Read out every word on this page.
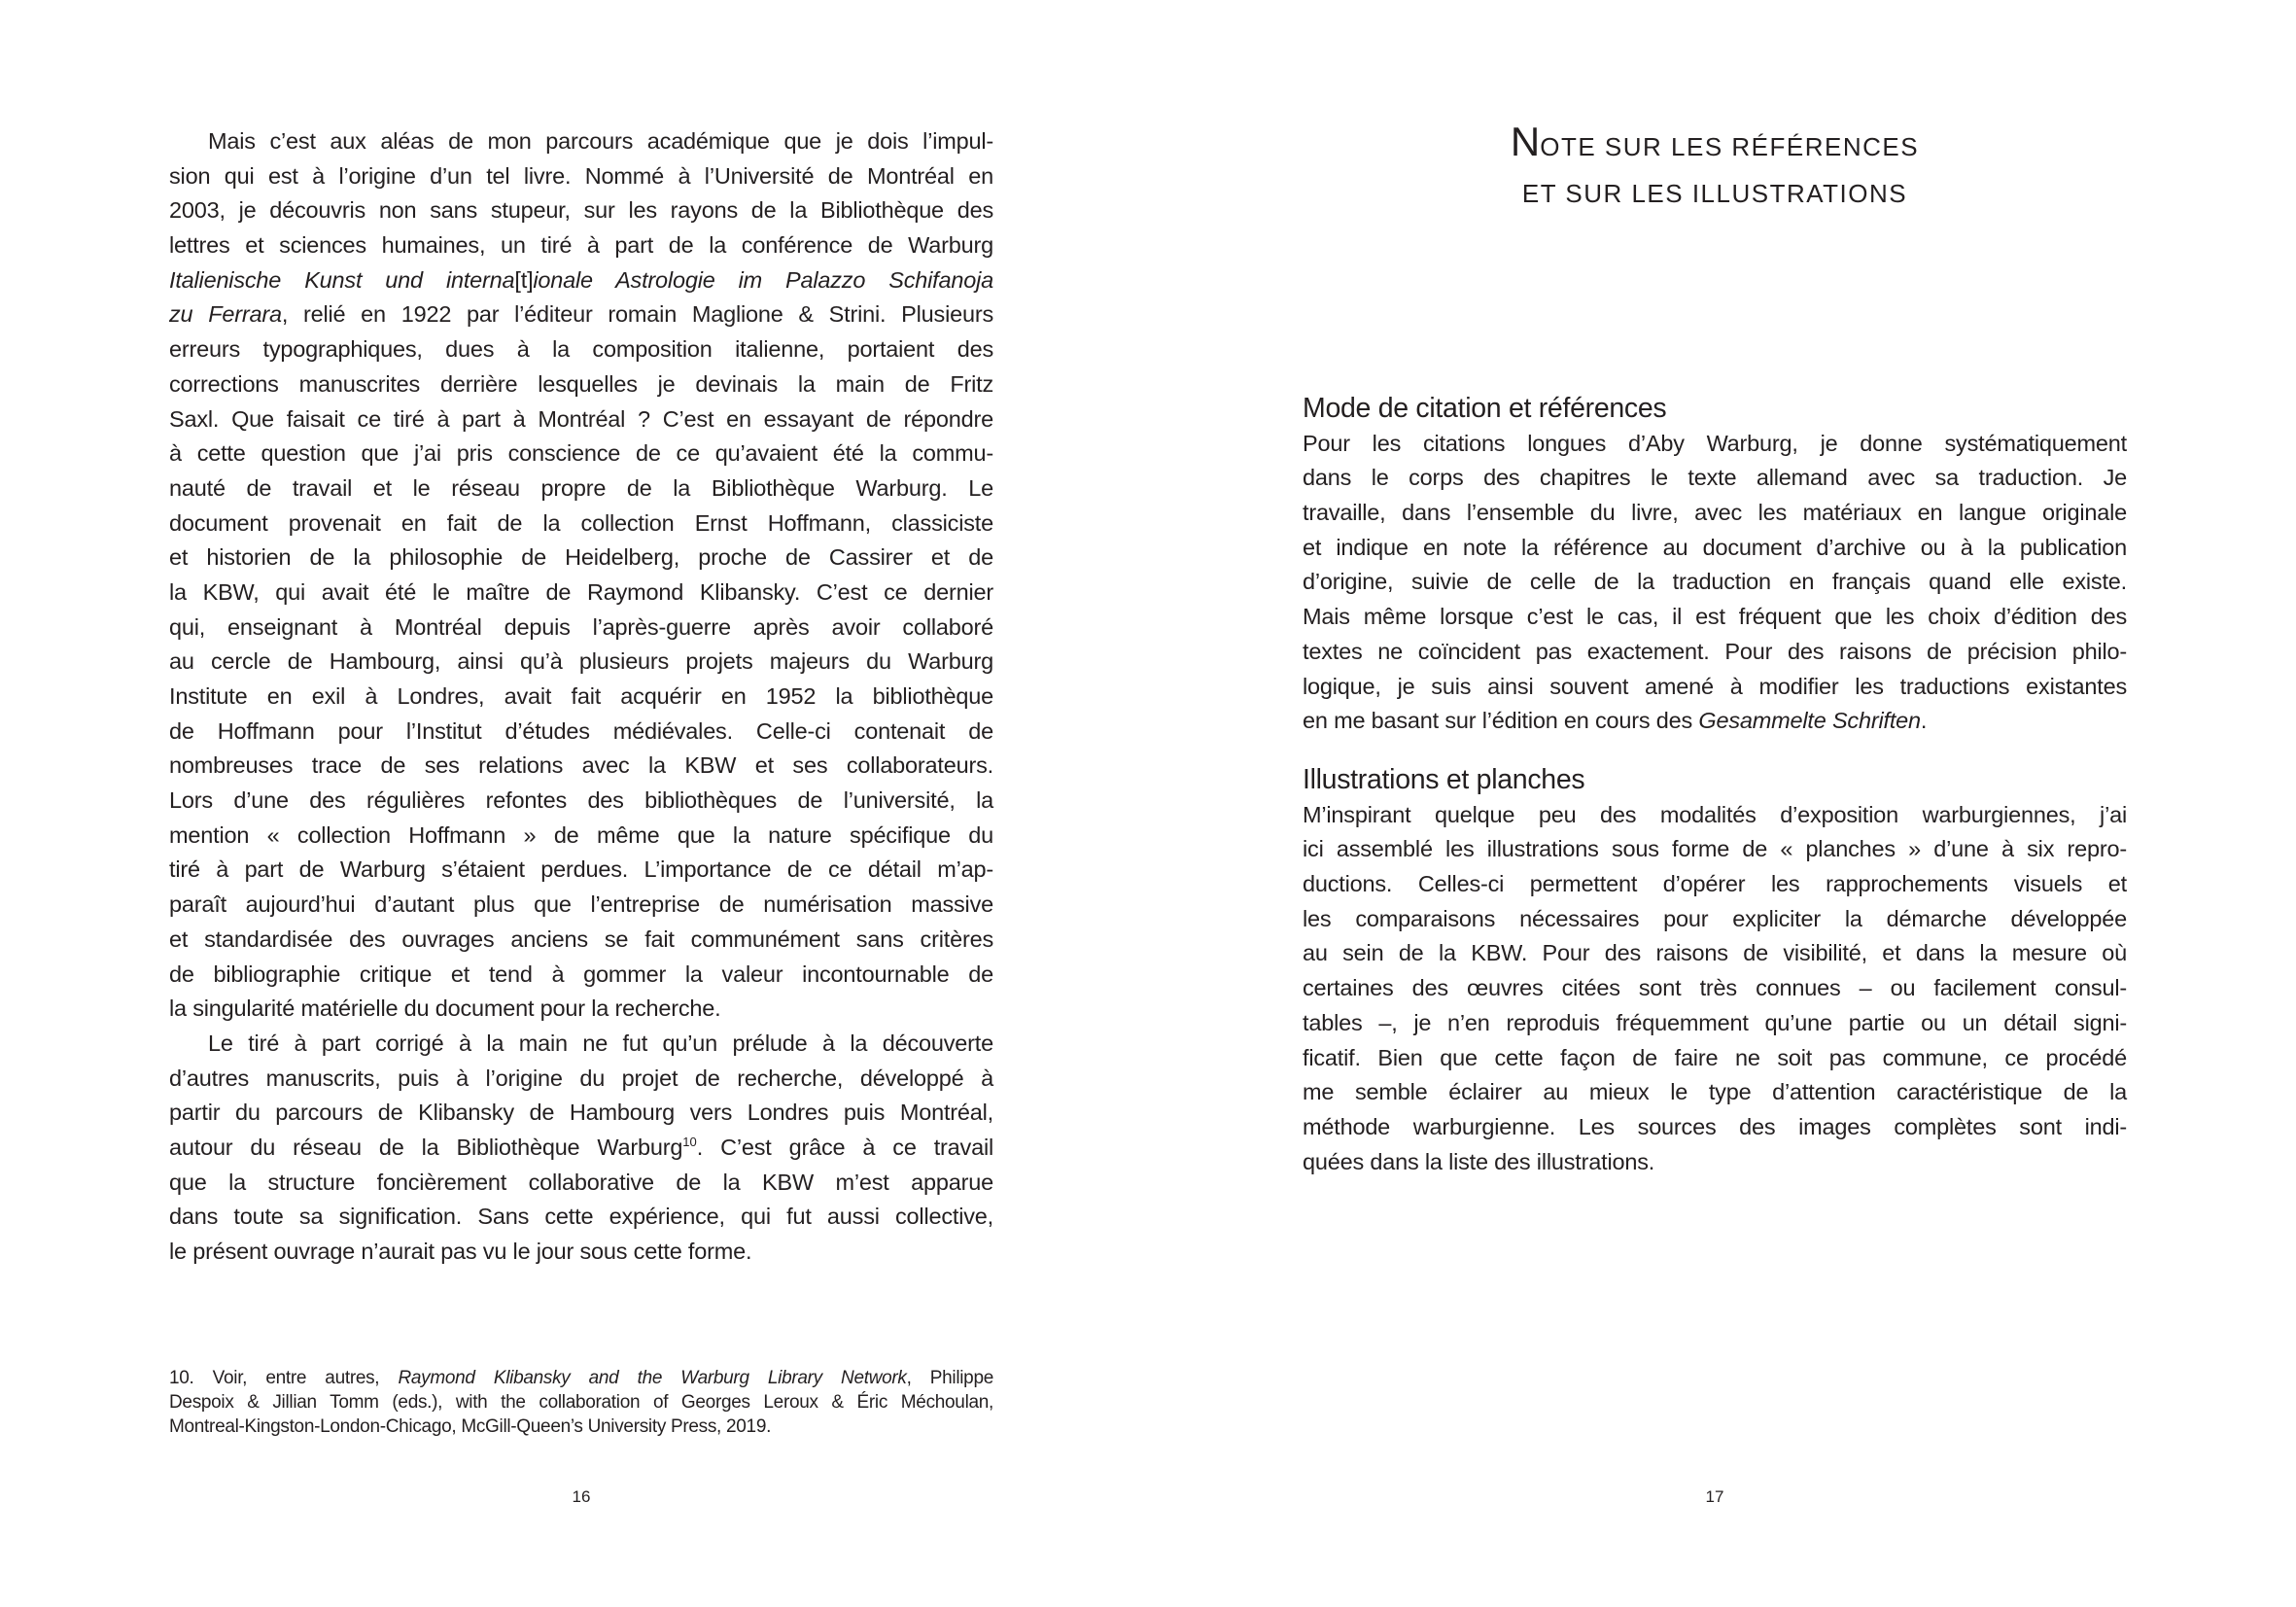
Mais c’est aux aléas de mon parcours académique que je dois l’impul-
sion qui est à l’origine d’un tel livre. Nommé à l’Université de Montréal en
2003, je découvris non sans stupeur, sur les rayons de la Bibliothèque des
lettres et sciences humaines, un tiré à part de la conférence de Warburg
Italienische Kunst und interna[t]ionale Astrologie im Palazzo Schifanoja
zu Ferrara, relié en 1922 par l’éditeur romain Maglione & Strini. Plusieurs
erreurs typographiques, dues à la composition italienne, portaient des
corrections manuscrites derrière lesquelles je devinais la main de Fritz
Saxl. Que faisait ce tiré à part à Montréal ? C’est en essayant de répondre
à cette question que j’ai pris conscience de ce qu’avaient été la commu-
nauté de travail et le réseau propre de la Bibliothèque Warburg. Le
document provenait en fait de la collection Ernst Hoffmann, classiciste
et historien de la philosophie de Heidelberg, proche de Cassirer et de
la KBW, qui avait été le maître de Raymond Klibansky. C’est ce dernier
qui, enseignant à Montréal depuis l’après-guerre après avoir collaboré
au cercle de Hambourg, ainsi qu’à plusieurs projets majeurs du Warburg
Institute en exil à Londres, avait fait acquérir en 1952 la bibliothèque
de Hoffmann pour l’Institut d’études médiévales. Celle-ci contenait de
nombreuses trace de ses relations avec la KBW et ses collaborateurs.
Lors d’une des régulières refontes des bibliothèques de l’université, la
mention « collection Hoffmann » de même que la nature spécifique du
tiré à part de Warburg s’étaient perdues. L’importance de ce détail m’ap-
paraît aujourd’hui d’autant plus que l’entreprise de numérisation massive
et standardisée des ouvrages anciens se fait communément sans critères
de bibliographie critique et tend à gommer la valeur incontournable de
la singularité matérielle du document pour la recherche.
Le tiré à part corrigé à la main ne fut qu’un prélude à la découverte
d’autres manuscrits, puis à l’origine du projet de recherche, développé à
partir du parcours de Klibansky de Hambourg vers Londres puis Montréal,
autour du réseau de la Bibliothèque Warburg$^{10}$. C’est grâce à ce travail
que la structure foncièrement collaborative de la KBW m’est apparue
dans toute sa signification. Sans cette expérience, qui fut aussi collective,
le présent ouvrage n’aurait pas vu le jour sous cette forme.
10. Voir, entre autres, Raymond Klibansky and the Warburg Library Network, Philippe
Despoix & Jillian Tomm (eds.), with the collaboration of Georges Leroux & Éric Méchoulan,
Montreal-Kingston-London-Chicago, McGill-Queen’s University Press, 2019.
16
NOTE SUR LES RÉFÉRENCES
ET SUR LES ILLUSTRATIONS
Mode de citation et références
Pour les citations longues d’Aby Warburg, je donne systématiquement
dans le corps des chapitres le texte allemand avec sa traduction. Je
travaille, dans l’ensemble du livre, avec les matériaux en langue originale
et indique en note la référence au document d’archive ou à la publication
d’origine, suivie de celle de la traduction en français quand elle existe.
Mais même lorsque c’est le cas, il est fréquent que les choix d’édition des
textes ne coïncident pas exactement. Pour des raisons de précision philo-
logique, je suis ainsi souvent amené à modifier les traductions existantes
en me basant sur l’édition en cours des Gesammelte Schriften.
Illustrations et planches
M’inspirant quelque peu des modalités d’exposition warburgiennes, j’ai
ici assemblé les illustrations sous forme de « planches » d’une à six repro-
ductions. Celles-ci permettent d’opérer les rapprochements visuels et
les comparaisons nécessaires pour expliciter la démarche développée
au sein de la KBW. Pour des raisons de visibilité, et dans la mesure où
certaines des œuvres citées sont très connues – ou facilement consul-
tables –, je n’en reproduis fréquemment qu’une partie ou un détail signi-
ficatif. Bien que cette façon de faire ne soit pas commune, ce procédé
me semble éclairer au mieux le type d’attention caractéristique de la
méthode warburgienne. Les sources des images complètes sont indi-
quées dans la liste des illustrations.
17
